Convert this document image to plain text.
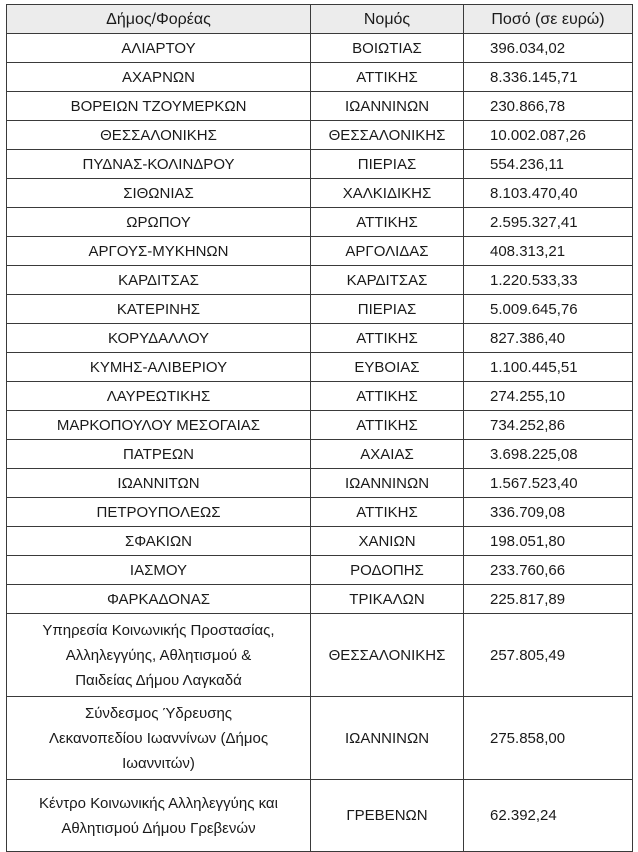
Δήμος/Φορέας	Νομός	Ποσό (σε ευρώ)
ΑΛΙΑΡΤΟΥ	ΒΟΙΩΤΙΑΣ	396.034,02
ΑΧΑΡΝΩΝ	ΑΤΤΙΚΗΣ	8.336.145,71
ΒΟΡΕΙΩΝ ΤΖΟΥΜΕΡΚΩΝ	ΙΩΑΝΝΙΝΩΝ	230.866,78
ΘΕΣΣΑΛΟΝΙΚΗΣ	ΘΕΣΣΑΛΟΝΙΚΗΣ	10.002.087,26
ΠΥΔΝΑΣ-ΚΟΛΙΝΔΡΟΥ	ΠΙΕΡΙΑΣ	554.236,11
ΣΙΘΩΝΙΑΣ	ΧΑΛΚΙΔΙΚΗΣ	8.103.470,40
ΩΡΩΠΟΥ	ΑΤΤΙΚΗΣ	2.595.327,41
ΑΡΓΟΥΣ-ΜΥΚΗΝΩΝ	ΑΡΓΟΛΙΔΑΣ	408.313,21
ΚΑΡΔΙΤΣΑΣ	ΚΑΡΔΙΤΣΑΣ	1.220.533,33
ΚΑΤΕΡΙΝΗΣ	ΠΙΕΡΙΑΣ	5.009.645,76
ΚΟΡΥΔΑΛΛΟΥ	ΑΤΤΙΚΗΣ	827.386,40
ΚΥΜΗΣ-ΑΛΙΒΕΡΙΟΥ	ΕΥΒΟΙΑΣ	1.100.445,51
ΛΑΥΡΕΩΤΙΚΗΣ	ΑΤΤΙΚΗΣ	274.255,10
ΜΑΡΚΟΠΟΥΛΟΥ ΜΕΣΟΓΑΙΑΣ	ΑΤΤΙΚΗΣ	734.252,86
ΠΑΤΡΕΩΝ	ΑΧΑΙΑΣ	3.698.225,08
ΙΩΑΝΝΙΤΩΝ	ΙΩΑΝΝΙΝΩΝ	1.567.523,40
ΠΕΤΡΟΥΠΟΛΕΩΣ	ΑΤΤΙΚΗΣ	336.709,08
ΣΦΑΚΙΩΝ	ΧΑΝΙΩΝ	198.051,80
ΙΑΣΜΟΥ	ΡΟΔΟΠΗΣ	233.760,66
ΦΑΡΚΑΔΟΝΑΣ	ΤΡΙΚΑΛΩΝ	225.817,89
Υπηρεσία Κοινωνικής Προστασίας,
Αλληλεγγύης, Αθλητισμού &
Παιδείας Δήμου Λαγκαδά	ΘΕΣΣΑΛΟΝΙΚΗΣ	257.805,49
Σύνδεσμος Ύδρευσης
Λεκανοπεδίου Ιωαννίνων (Δήμος
Ιωαννιτών)	ΙΩΑΝΝΙΝΩΝ	275.858,00
Κέντρο Κοινωνικής Αλληλεγγύης και
Αθλητισμού Δήμου Γρεβενών	ΓΡΕΒΕΝΩΝ	62.392,24
